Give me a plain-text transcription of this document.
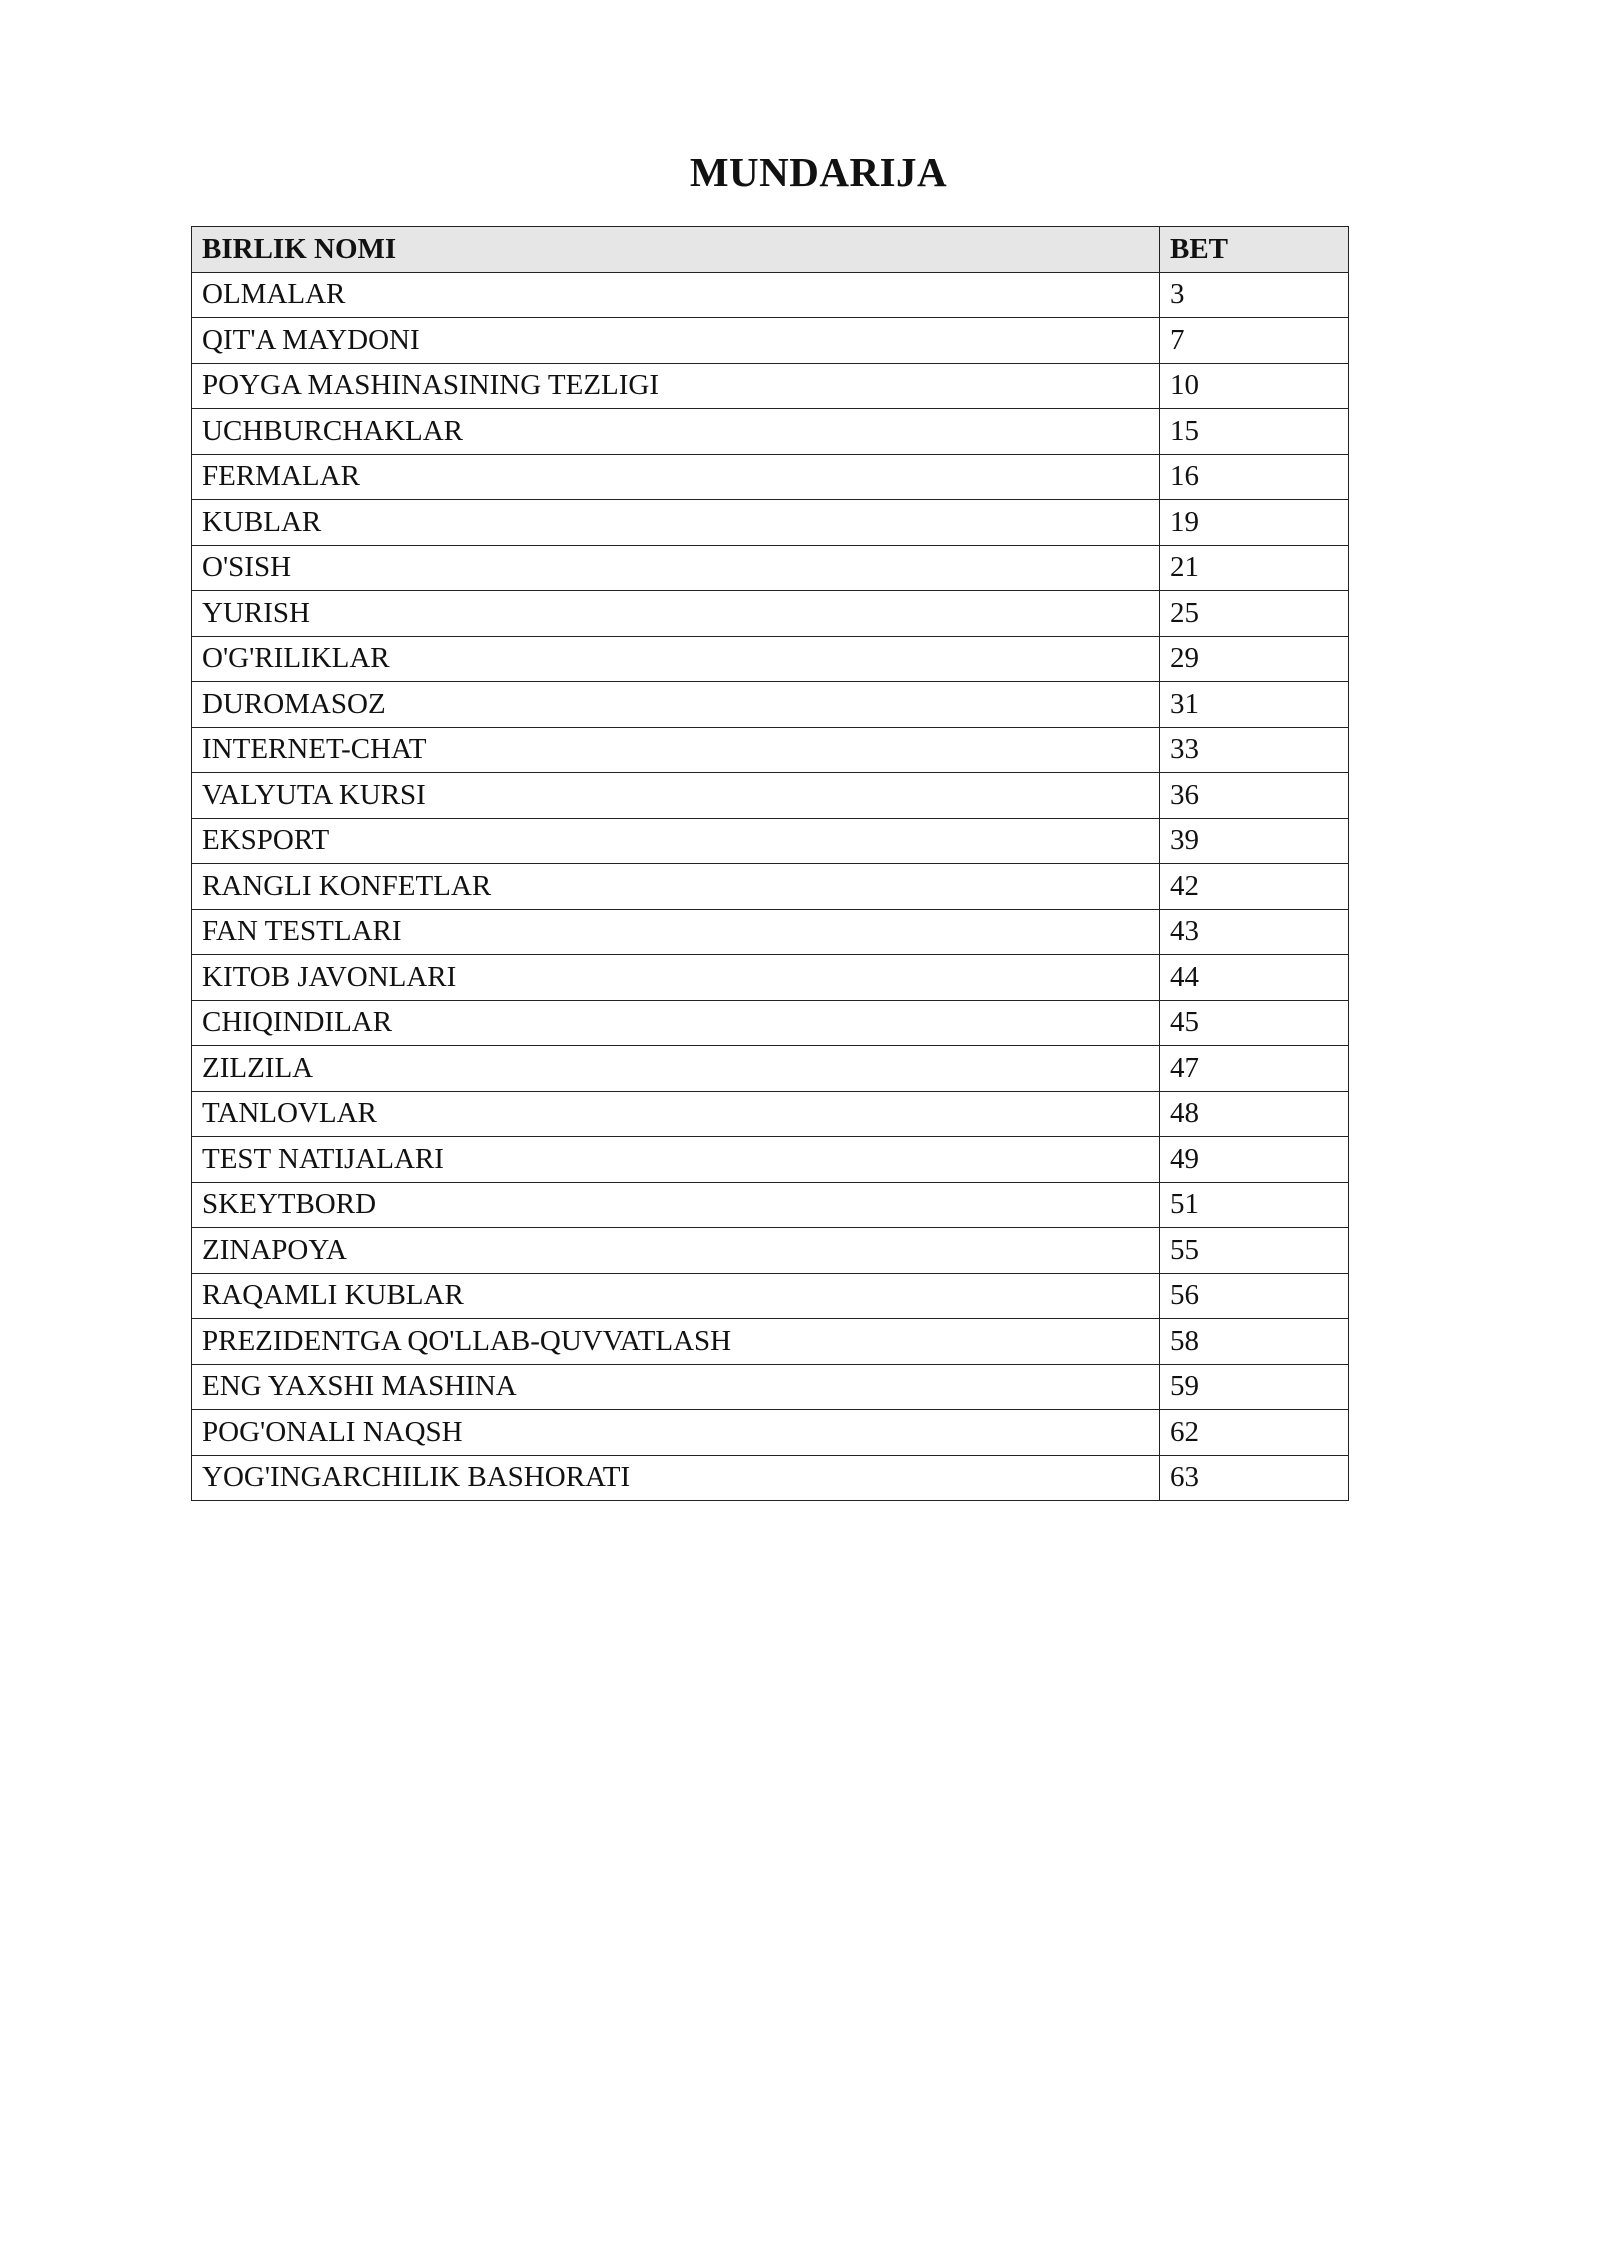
MUNDARIJA
BIRLIK NOMI	BET
OLMALAR	3
QIT'A MAYDONI	7
POYGA MASHINASINING TEZLIGI	10
UCHBURCHAKLAR	15
FERMALAR	16
KUBLAR	19
O'SISH	21
YURISH	25
O'G'RILIKLAR	29
DUROMASOZ	31
INTERNET-CHAT	33
VALYUTA KURSI	36
EKSPORT	39
RANGLI KONFETLAR	42
FAN TESTLARI	43
KITOB JAVONLARI	44
CHIQINDILAR	45
ZILZILA	47
TANLOVLAR	48
TEST NATIJALARI	49
SKEYTBORD	51
ZINAPOYA	55
RAQAMLI KUBLAR	56
PREZIDENTGA QO'LLAB-QUVVATLASH	58
ENG YAXSHI MASHINA	59
POG'ONALI NAQSH	62
YOG'INGARCHILIK BASHORATI	63
